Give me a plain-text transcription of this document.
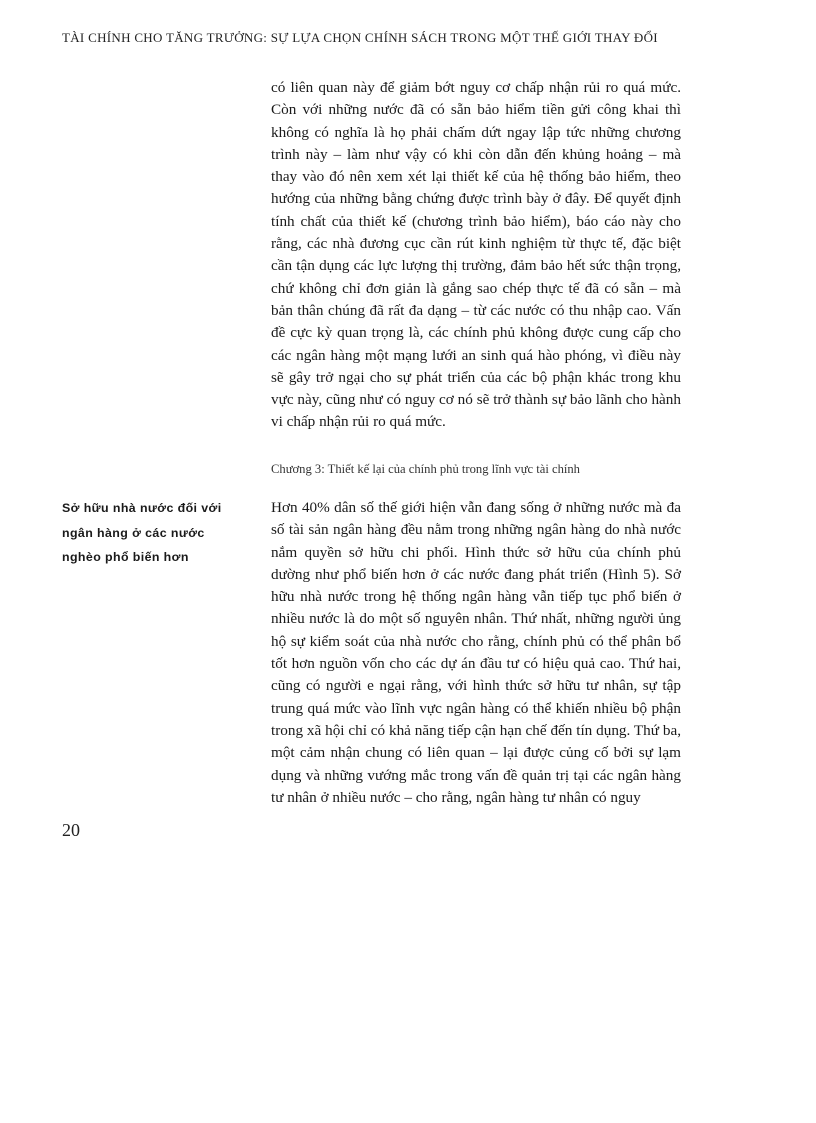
TÀI CHÍNH CHO TĂNG TRƯỞNG: SỰ LỰA CHỌN CHÍNH SÁCH TRONG MỘT THẾ GIỚI THAY ĐỔI

có liên quan này để giảm bớt nguy cơ chấp nhận rủi ro quá mức. Còn với những nước đã có sẵn bảo hiểm tiền gửi công khai thì không có nghĩa là họ phải chấm dứt ngay lập tức những chương trình này – làm như vậy có khi còn dẫn đến khủng hoảng – mà thay vào đó nên xem xét lại thiết kế của hệ thống bảo hiểm, theo hướng của những bằng chứng được trình bày ở đây. Để quyết định tính chất của thiết kế (chương trình bảo hiểm), báo cáo này cho rằng, các nhà đương cục cần rút kinh nghiệm từ thực tế, đặc biệt cần tận dụng các lực lượng thị trường, đảm bảo hết sức thận trọng, chứ không chỉ đơn giản là gắng sao chép thực tế đã có sẵn – mà bản thân chúng đã rất đa dạng – từ các nước có thu nhập cao. Vấn đề cực kỳ quan trọng là, các chính phủ không được cung cấp cho các ngân hàng một mạng lưới an sinh quá hào phóng, vì điều này sẽ gây trở ngại cho sự phát triển của các bộ phận khác trong khu vực này, cũng như có nguy cơ nó sẽ trở thành sự bảo lãnh cho hành vi chấp nhận rủi ro quá mức.

Chương 3: Thiết kế lại của chính phủ trong lĩnh vực tài chính
Sở hữu nhà nước đối với
ngân hàng ở các nước
nghèo phổ biến hơn

Hơn 40% dân số thế giới hiện vẫn đang sống ở những nước mà đa số tài sản ngân hàng đều nằm trong những ngân hàng do nhà nước nắm quyền sở hữu chi phối. Hình thức sở hữu của chính phủ dường như phổ biến hơn ở các nước đang phát triển (Hình 5). Sở hữu nhà nước trong hệ thống ngân hàng vẫn tiếp tục phổ biến ở nhiều nước là do một số nguyên nhân. Thứ nhất, những người ủng hộ sự kiểm soát của nhà nước cho rằng, chính phủ có thể phân bổ tốt hơn nguồn vốn cho các dự án đầu tư có hiệu quả cao. Thứ hai, cũng có người e ngại rằng, với hình thức sở hữu tư nhân, sự tập trung quá mức vào lĩnh vực ngân hàng có thể khiến nhiều bộ phận trong xã hội chỉ có khả năng tiếp cận hạn chế đến tín dụng. Thứ ba, một cảm nhận chung có liên quan – lại được củng cố bởi sự lạm dụng và những vướng mắc trong vấn đề quản trị tại các ngân hàng tư nhân ở nhiều nước – cho rằng, ngân hàng tư nhân có nguy

20
